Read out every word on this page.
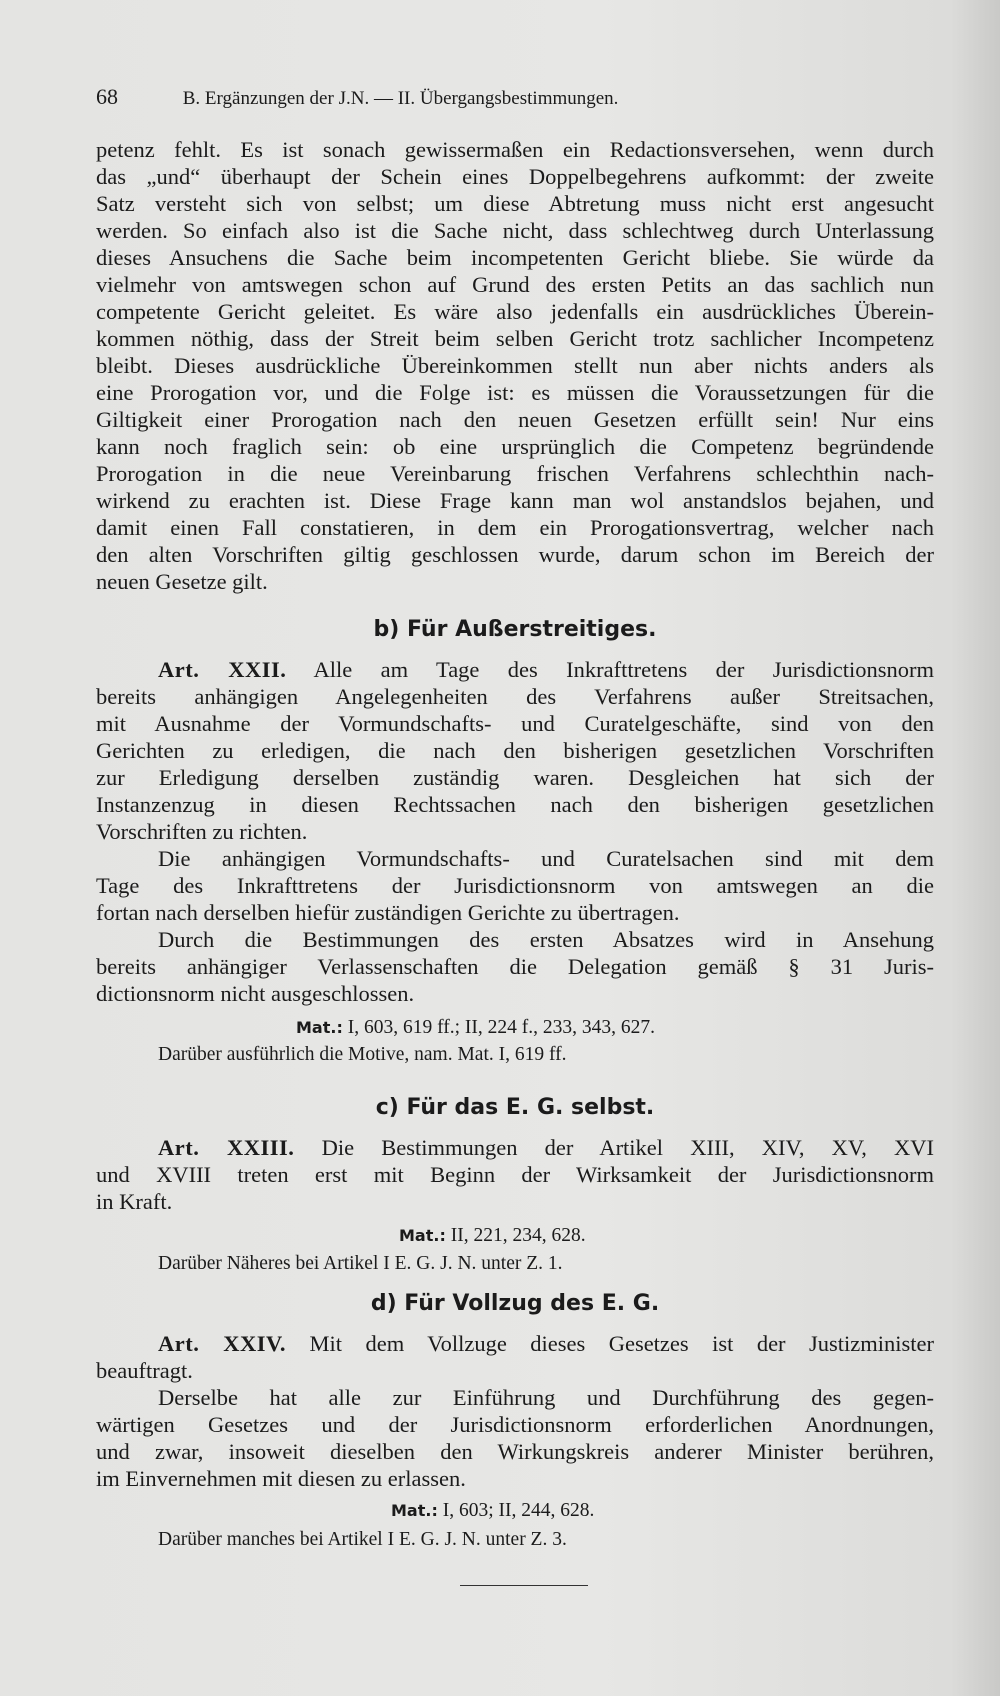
68	B. Ergänzungen der J.N. — II. Übergangsbestimmungen.
petenz fehlt. Es ist sonach gewissermaßen ein Redactionsversehen, wenn durch
das „und“ überhaupt der Schein eines Doppelbegehrens aufkommt: der zweite
Satz versteht sich von selbst; um diese Abtretung muss nicht erst angesucht
werden. So einfach also ist die Sache nicht, dass schlechtweg durch Unterlassung
dieses Ansuchens die Sache beim incompetenten Gericht bliebe. Sie würde da
vielmehr von amtswegen schon auf Grund des ersten Petits an das sachlich nun
competente Gericht geleitet. Es wäre also jedenfalls ein ausdrückliches Überein-
kommen nöthig, dass der Streit beim selben Gericht trotz sachlicher Incompetenz
bleibt. Dieses ausdrückliche Übereinkommen stellt nun aber nichts anders als
eine Prorogation vor, und die Folge ist: es müssen die Voraussetzungen für die
Giltigkeit einer Prorogation nach den neuen Gesetzen erfüllt sein! Nur eins
kann noch fraglich sein: ob eine ursprünglich die Competenz begründende
Prorogation in die neue Vereinbarung frischen Verfahrens schlechthin nach-
wirkend zu erachten ist. Diese Frage kann man wol anstandslos bejahen, und
damit einen Fall constatieren, in dem ein Prorogationsvertrag, welcher nach
den alten Vorschriften giltig geschlossen wurde, darum schon im Bereich der
neuen Gesetze gilt.
b) Für Außerstreitiges.
Art. XXII. Alle am Tage des Inkrafttretens der Jurisdictionsnorm
bereits anhängigen Angelegenheiten des Verfahrens außer Streitsachen,
mit Ausnahme der Vormundschafts- und Curatelgeschäfte, sind von den
Gerichten zu erledigen, die nach den bisherigen gesetzlichen Vorschriften
zur Erledigung derselben zuständig waren. Desgleichen hat sich der
Instanzenzug in diesen Rechtssachen nach den bisherigen gesetzlichen
Vorschriften zu richten.
Die anhängigen Vormundschafts- und Curatelsachen sind mit dem
Tage des Inkrafttretens der Jurisdictionsnorm von amtswegen an die
fortan nach derselben hiefür zuständigen Gerichte zu übertragen.
Durch die Bestimmungen des ersten Absatzes wird in Ansehung
bereits anhängiger Verlassenschaften die Delegation gemäß § 31 Juris-
dictionsnorm nicht ausgeschlossen.
Mat.: I, 603, 619 ff.; II, 224 f., 233, 343, 627.
Darüber ausführlich die Motive, nam. Mat. I, 619 ff.
c) Für das E. G. selbst.
Art. XXIII. Die Bestimmungen der Artikel XIII, XIV, XV, XVI
und XVIII treten erst mit Beginn der Wirksamkeit der Jurisdictionsnorm
in Kraft.
Mat.: II, 221, 234, 628.
Darüber Näheres bei Artikel I E. G. J. N. unter Z. 1.
d) Für Vollzug des E. G.
Art. XXIV. Mit dem Vollzuge dieses Gesetzes ist der Justizminister
beauftragt.
Derselbe hat alle zur Einführung und Durchführung des gegen-
wärtigen Gesetzes und der Jurisdictionsnorm erforderlichen Anordnungen,
und zwar, insoweit dieselben den Wirkungskreis anderer Minister berühren,
im Einvernehmen mit diesen zu erlassen.
Mat.: I, 603; II, 244, 628.
Darüber manches bei Artikel I E. G. J. N. unter Z. 3.
